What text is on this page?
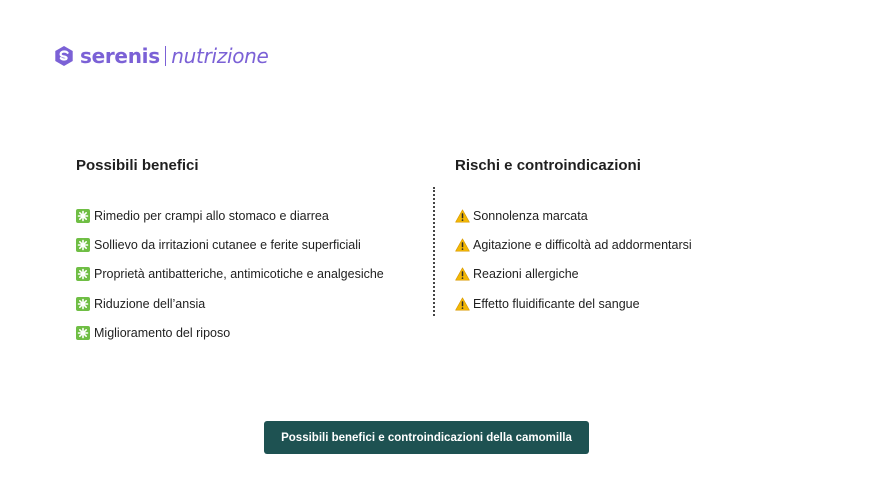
serenis nutrizione
Possibili benefici
Rimedio per crampi allo stomaco e diarrea
Sollievo da irritazioni cutanee e ferite superficiali
Proprietà antibatteriche, antimicotiche e analgesiche
Riduzione dell’ansia
Miglioramento del riposo
Rischi e controindicazioni
Sonnolenza marcata
Agitazione e difficoltà ad addormentarsi
Reazioni allergiche
Effetto fluidificante del sangue
Possibili benefici e controindicazioni della camomilla
